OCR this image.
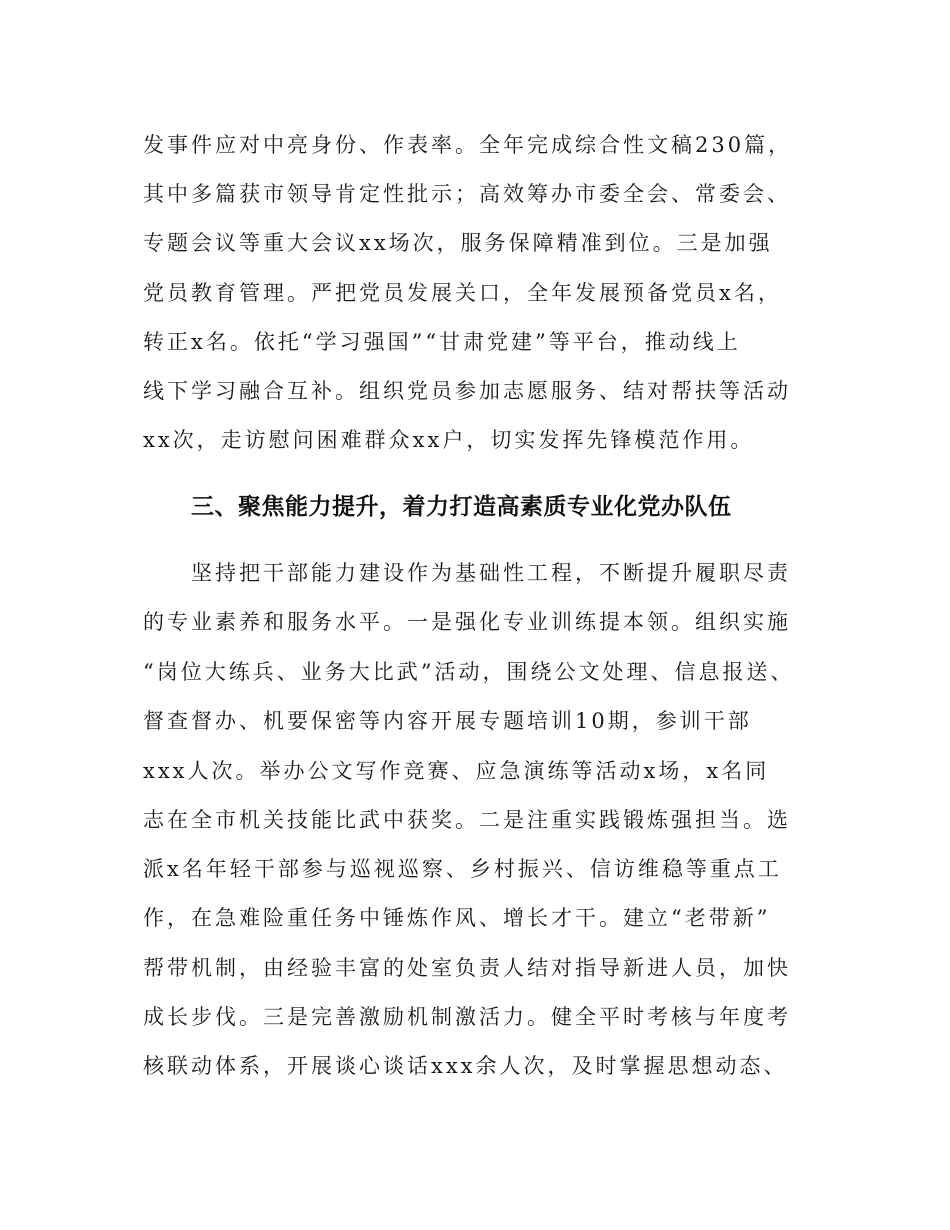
发事件应对中亮身份、作表率。全年完成综合性文稿230篇，
其中多篇获市领导肯定性批示；高效筹办市委全会、常委会、
专题会议等重大会议xx场次，服务保障精准到位。三是加强
党员教育管理。严把党员发展关口，全年发展预备党员x名，
转正x名。依托“学习强国”“甘肃党建”等平台，推动线上
线下学习融合互补。组织党员参加志愿服务、结对帮扶等活动
xx次，走访慰问困难群众xx户，切实发挥先锋模范作用。
三、聚焦能力提升，着力打造高素质专业化党办队伍
坚持把干部能力建设作为基础性工程，不断提升履职尽责
的专业素养和服务水平。一是强化专业训练提本领。组织实施
“岗位大练兵、业务大比武”活动，围绕公文处理、信息报送、
督查督办、机要保密等内容开展专题培训10期，参训干部
xxx人次。举办公文写作竞赛、应急演练等活动x场，x名同
志在全市机关技能比武中获奖。二是注重实践锻炼强担当。选
派x名年轻干部参与巡视巡察、乡村振兴、信访维稳等重点工
作，在急难险重任务中锤炼作风、增长才干。建立“老带新”
帮带机制，由经验丰富的处室负责人结对指导新进人员，加快
成长步伐。三是完善激励机制激活力。健全平时考核与年度考
核联动体系，开展谈心谈话xxx余人次，及时掌握思想动态、
